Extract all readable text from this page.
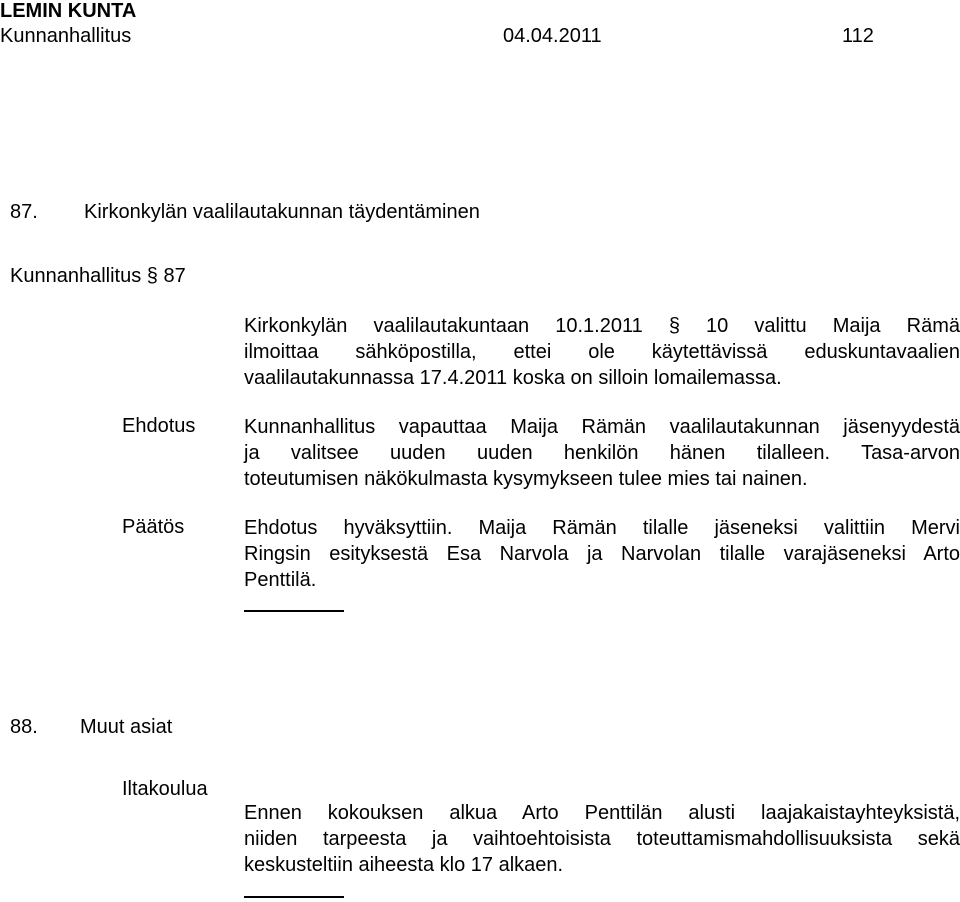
LEMIN KUNTA
Kunnanhallitus	04.04.2011	112
87. Kirkonkylän vaalilautakunnan täydentäminen
Kunnanhallitus § 87

Kirkonkylän vaalilautakuntaan 10.1.2011 § 10 valittu Maija Rämä

ilmoittaa sähköpostilla, ettei ole käytettävissä eduskuntavaalien

vaalilautakunnassa 17.4.2011 koska on silloin lomailemassa.

Ehdotus Kunnanhallitus vapauttaa Maija Rämän vaalilautakunnan jäsenyydestä

ja valitsee uuden uuden henkilön hänen tilalleen. Tasa-arvon

toteutumisen näkökulmasta kysymykseen tulee mies tai nainen.

Päätös	Ehdotus hyväksyttiin. Maija Rämän tilalle jäseneksi valittiin Mervi

Ringsin esityksestä Esa Narvola ja Narvolan tilalle varajäseneksi Arto

Penttilä.

88. Muut asiat
Iltakoulua

Ennen kokouksen alkua Arto Penttilän alusti laajakaistayhteyksistä,

niiden tarpeesta ja vaihtoehtoisista toteuttamismahdollisuuksista sekä

keskusteltiin aiheesta klo 17 alkaen.
